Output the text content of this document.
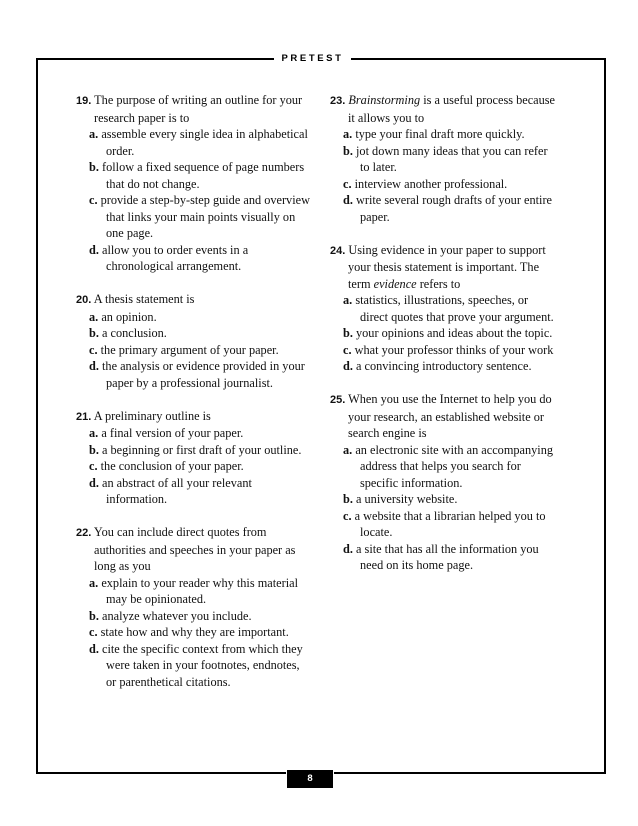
PRETEST
19. The purpose of writing an outline for your research paper is to
a. assemble every single idea in alphabetical order.
b. follow a fixed sequence of page numbers that do not change.
c. provide a step-by-step guide and overview that links your main points visually on one page.
d. allow you to order events in a chronological arrangement.
20. A thesis statement is
a. an opinion.
b. a conclusion.
c. the primary argument of your paper.
d. the analysis or evidence provided in your paper by a professional journalist.
21. A preliminary outline is
a. a final version of your paper.
b. a beginning or first draft of your outline.
c. the conclusion of your paper.
d. an abstract of all your relevant information.
22. You can include direct quotes from authorities and speeches in your paper as long as you
a. explain to your reader why this material may be opinionated.
b. analyze whatever you include.
c. state how and why they are important.
d. cite the specific context from which they were taken in your footnotes, endnotes, or parenthetical citations.
23. Brainstorming is a useful process because it allows you to
a. type your final draft more quickly.
b. jot down many ideas that you can refer to later.
c. interview another professional.
d. write several rough drafts of your entire paper.
24. Using evidence in your paper to support your thesis statement is important. The term evidence refers to
a. statistics, illustrations, speeches, or direct quotes that prove your argument.
b. your opinions and ideas about the topic.
c. what your professor thinks of your work
d. a convincing introductory sentence.
25. When you use the Internet to help you do your research, an established website or search engine is
a. an electronic site with an accompanying address that helps you search for specific information.
b. a university website.
c. a website that a librarian helped you to locate.
d. a site that has all the information you need on its home page.
8
